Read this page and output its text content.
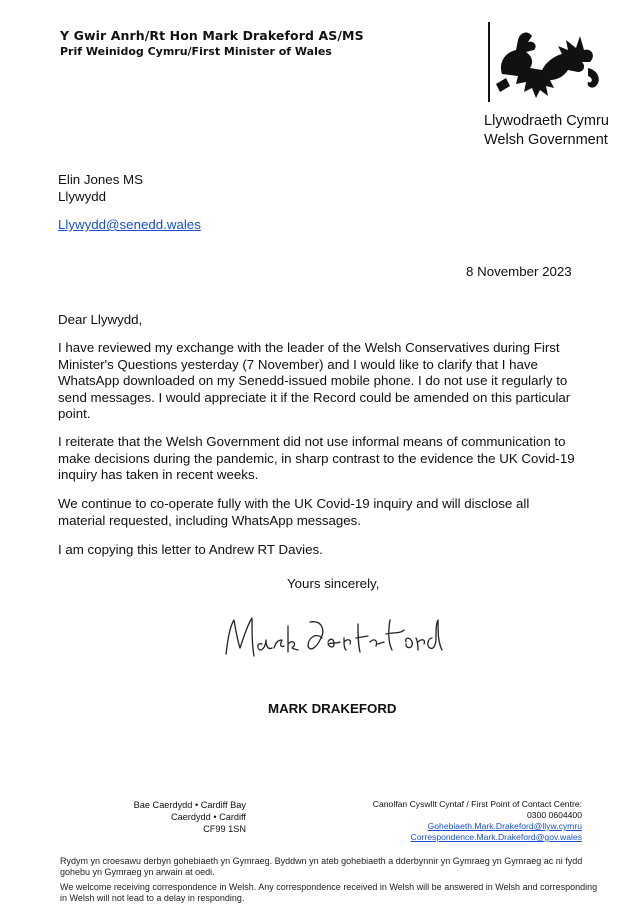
Y Gwir Anrh/Rt Hon Mark Drakeford AS/MS
Prif Weinidog Cymru/First Minister of Wales
Llywodraeth Cymru
Welsh Government
Elin Jones MS
Llywydd
Llywydd@senedd.wales
8 November 2023
Dear Llywydd,
I have reviewed my exchange with the leader of the Welsh Conservatives during First Minister's Questions yesterday (7 November) and I would like to clarify that I have WhatsApp downloaded on my Senedd-issued mobile phone. I do not use it regularly to send messages. I would appreciate it if the Record could be amended on this particular point.
I reiterate that the Welsh Government did not use informal means of communication to make decisions during the pandemic, in sharp contrast to the evidence the UK Covid-19 inquiry has taken in recent weeks.
We continue to co-operate fully with the UK Covid-19 inquiry and will disclose all material requested, including WhatsApp messages.
I am copying this letter to Andrew RT Davies.
Yours sincerely,
MARK DRAKEFORD
Bae Caerdydd • Cardiff Bay
Caerdydd • Cardiff
CF99 1SN
Canolfan Cyswllt Cyntaf / First Point of Contact Centre:
0300 0604400
Gohebiaeth.Mark.Drakeford@llyw.cymru
Correspondence.Mark.Drakeford@gov.wales
Rydym yn croesawu derbyn gohebiaeth yn Gymraeg. Byddwn yn ateb gohebiaeth a dderbynnir yn Gymraeg yn Gymraeg ac ni fydd gohebu yn Gymraeg yn arwain at oedi.
We welcome receiving correspondence in Welsh. Any correspondence received in Welsh will be answered in Welsh and corresponding in Welsh will not lead to a delay in responding.
